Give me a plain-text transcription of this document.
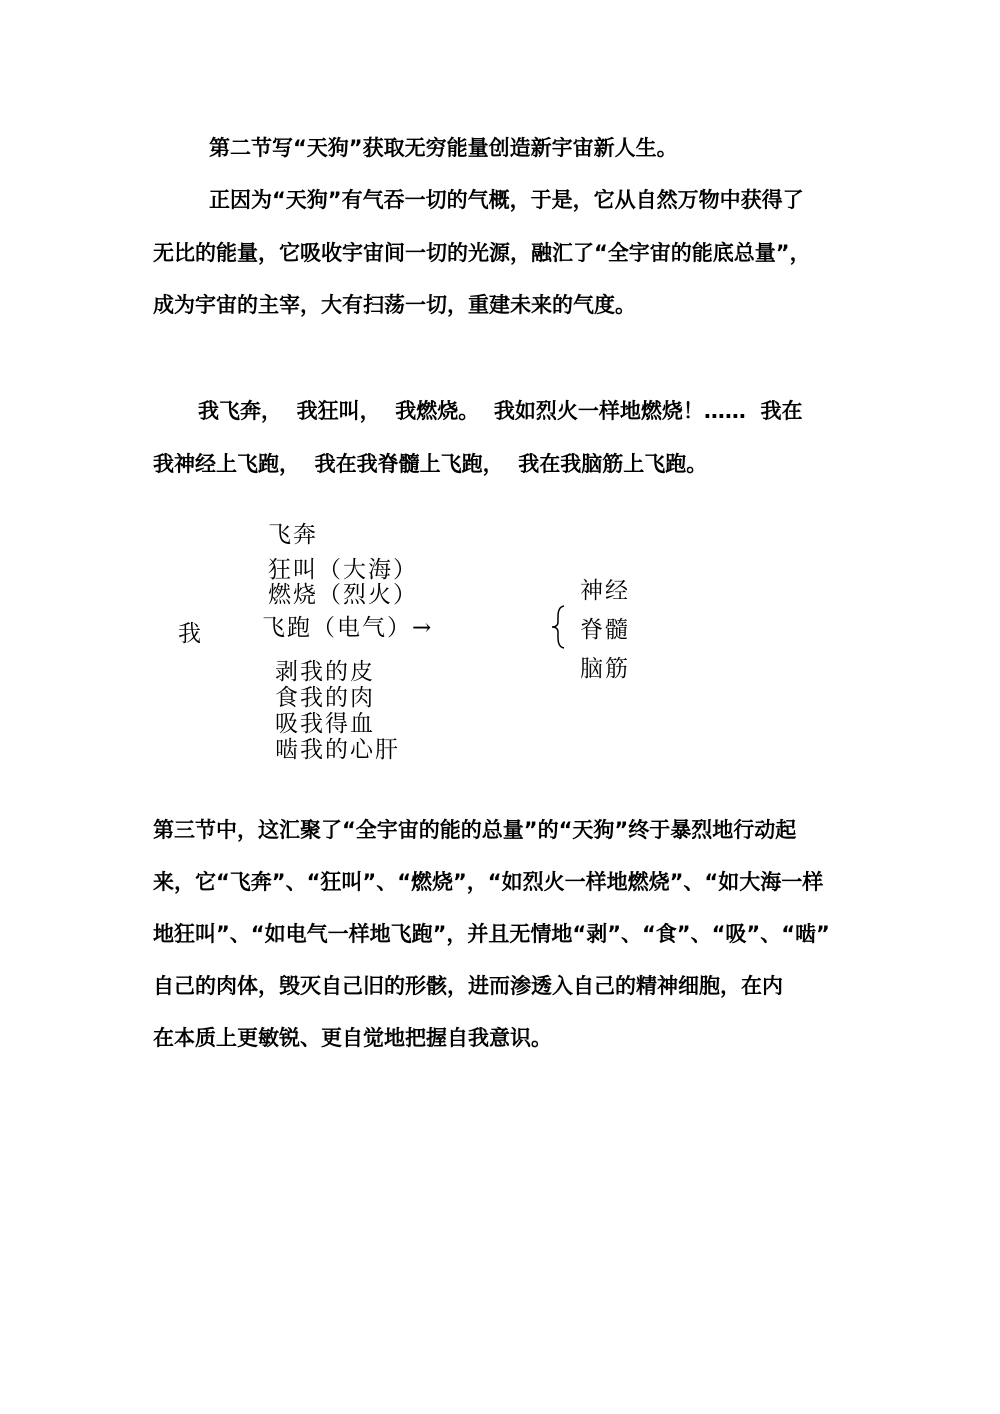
第二节写“天狗”获取无穷能量创造新宇宙新人生。
正因为“天狗”有气吞一切的气概，于是，它从自然万物中获得了
无比的能量，它吸收宇宙间一切的光源，融汇了“全宇宙的能底总量”，
成为宇宙的主宰，大有扫荡一切，重建未来的气度。
我飞奔，  我狂叫，  我燃烧。  我如烈火一样地燃烧！……  我在
我神经上飞跑，  我在我脊髓上飞跑，  我在我脑筋上飞跑。
飞奔
狂叫（大海）
燃烧（烈火）
我	飞跑（电气）→
神经
脊髓
脑筋
剥我的皮
食我的肉
吸我得血
啮我的心肝
第三节中，这汇聚了“全宇宙的能的总量”的“天狗”终于暴烈地行动起
来，它“飞奔”、“狂叫”、“燃烧”，“如烈火一样地燃烧”、“如大海一样
地狂叫”、“如电气一样地飞跑”，并且无情地“剥”、“食”、“吸”、“啮”
自己的肉体，毁灭自己旧的形骸，进而渗透入自己的精神细胞，在内
在本质上更敏锐、更自觉地把握自我意识。
